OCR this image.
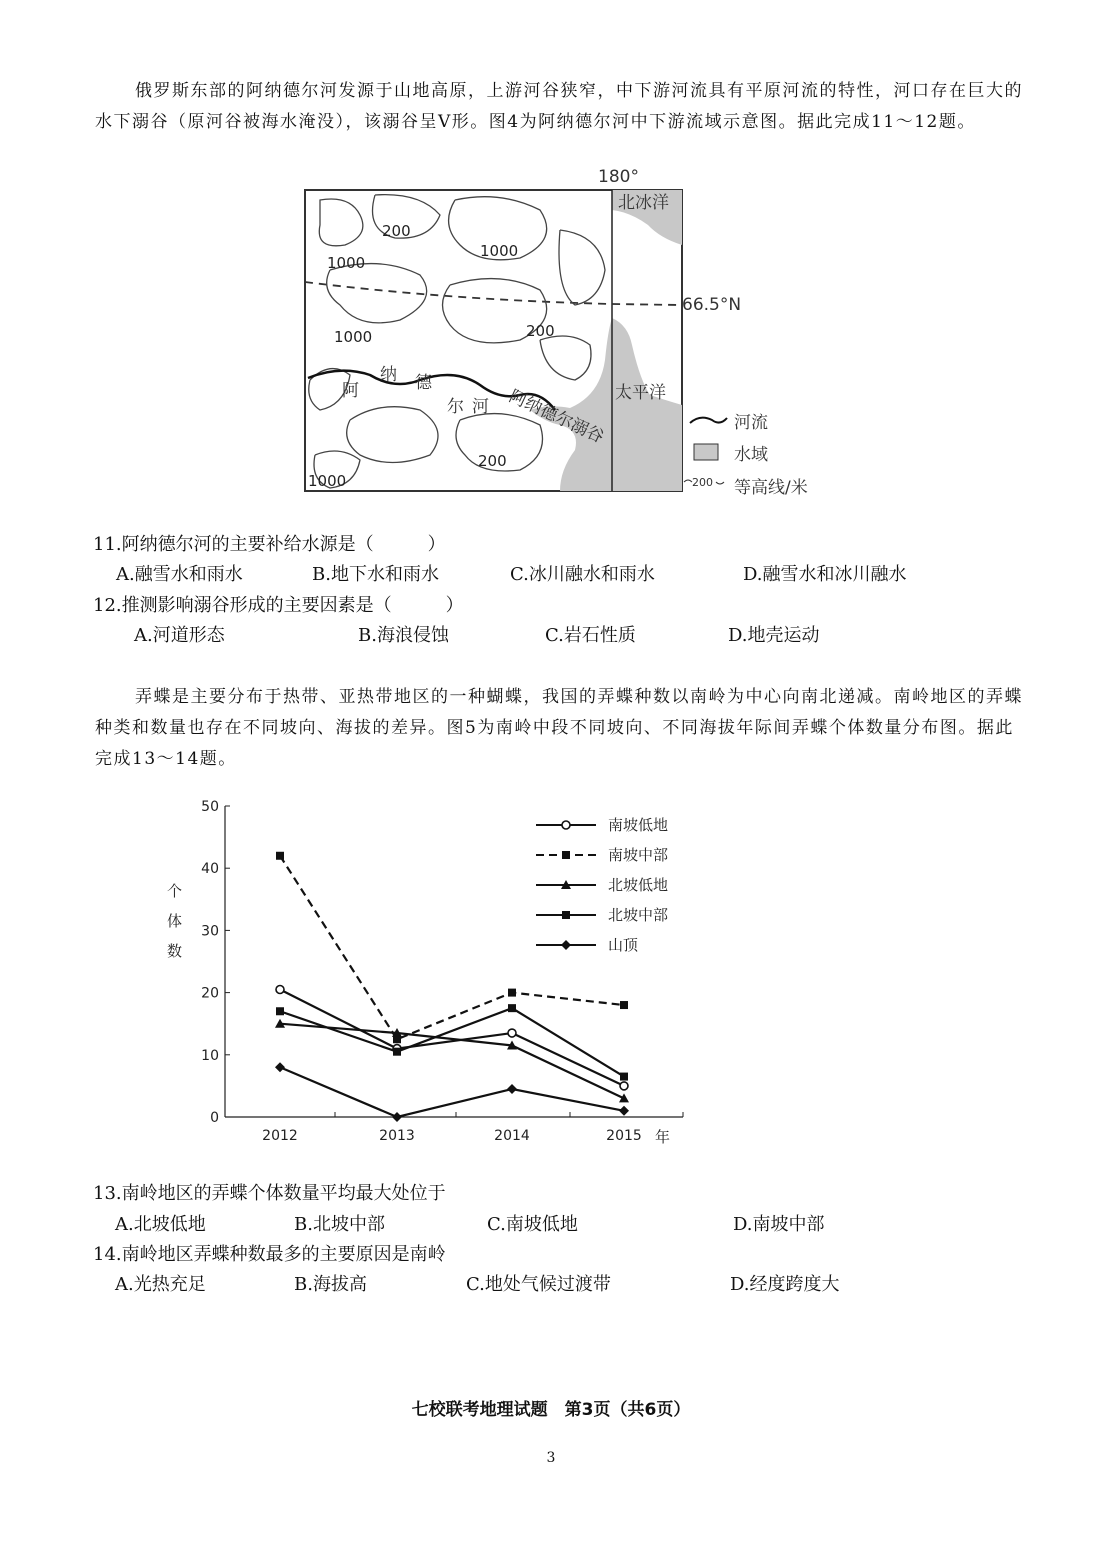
俄罗斯东部的阿纳德尔河发源于山地高原，上游河谷狭窄，中下游河流具有平原河流的特性，河口存在巨大的水下溺谷（原河谷被海水淹没），该溺谷呈V形。图4为阿纳德尔河中下游流域示意图。据此完成11～12题。
180°
66.5°N
北冰洋
太平洋
阿
纳 德
尔 河 阿纳德尔溺谷
200
1000
1000
1000	200
200
1000
河流
水域
200 等高线/米
11.阿纳德尔河的主要补给水源是（　　　）
A.融雪水和雨水	B.地下水和雨水	C.冰川融水和雨水	D.融雪水和冰川融水
12.推测影响溺谷形成的主要因素是（　　　）
A.河道形态	B.海浪侵蚀	C.岩石性质	D.地壳运动
弄蝶是主要分布于热带、亚热带地区的一种蝴蝶，我国的弄蝶种数以南岭为中心向南北递减。南岭地区的弄蝶种类和数量也存在不同坡向、海拔的差异。图5为南岭中段不同坡向、不同海拔年际间弄蝶个体数量分布图。据此完成13～14题。
0
10
20
30
40
50
2012	2013	2014	2015
南坡低地
南坡中部
北坡低地
北坡中部
山顶
个
体
数
年
13.南岭地区的弄蝶个体数量平均最大处位于
A.北坡低地	B.北坡中部	C.南坡低地	D.南坡中部
14.南岭地区弄蝶种数最多的主要原因是南岭
A.光热充足	B.海拔高	C.地处气候过渡带	D.经度跨度大
七校联考地理试题　第3页（共6页）
3
